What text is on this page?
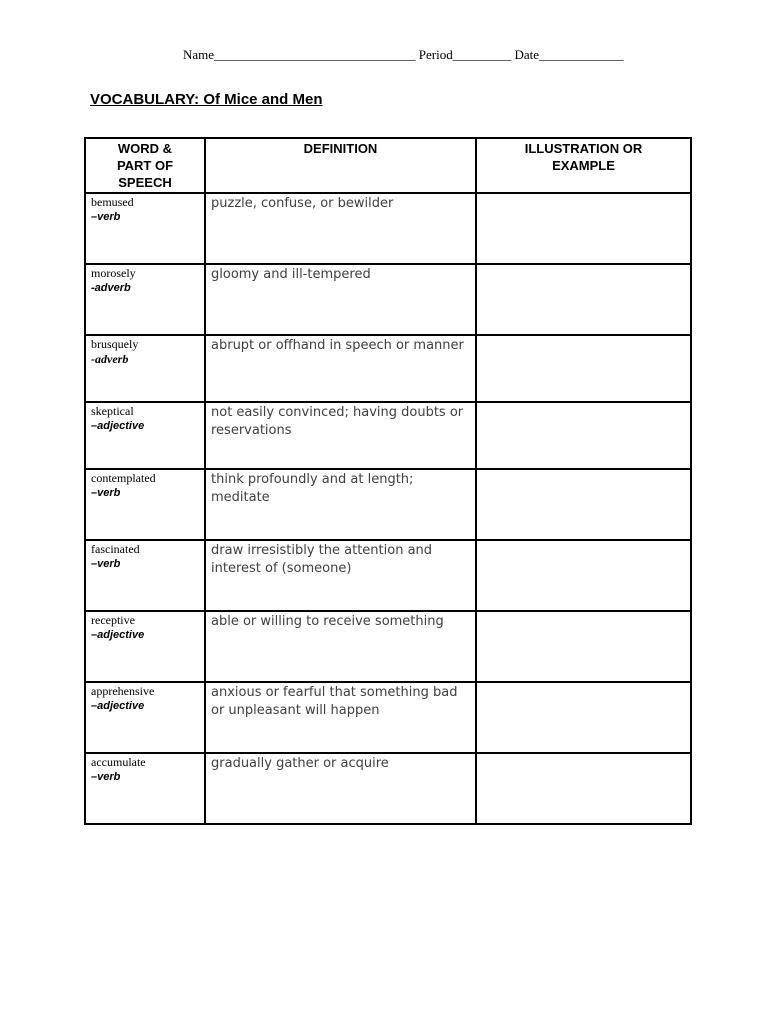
Name_______________________________ Period_________ Date_____________
VOCABULARY: Of Mice and Men
WORD &
PART OF
SPEECH	DEFINITION	ILLUSTRATION OR
EXAMPLE

bemused
–verb	puzzle, confuse, or bewilder	

morosely
-adverb	gloomy and ill-tempered	

brusquely
-adverb	abrupt or offhand in speech or manner	

skeptical
–adjective	not easily convinced; having doubts or reservations	

contemplated
–verb	think profoundly and at length; meditate	

fascinated
–verb	draw irresistibly the attention and interest of (someone)	

receptive
–adjective	able or willing to receive something	

apprehensive
–adjective	anxious or fearful that something bad or unpleasant will happen	

accumulate
–verb	gradually gather or acquire	
